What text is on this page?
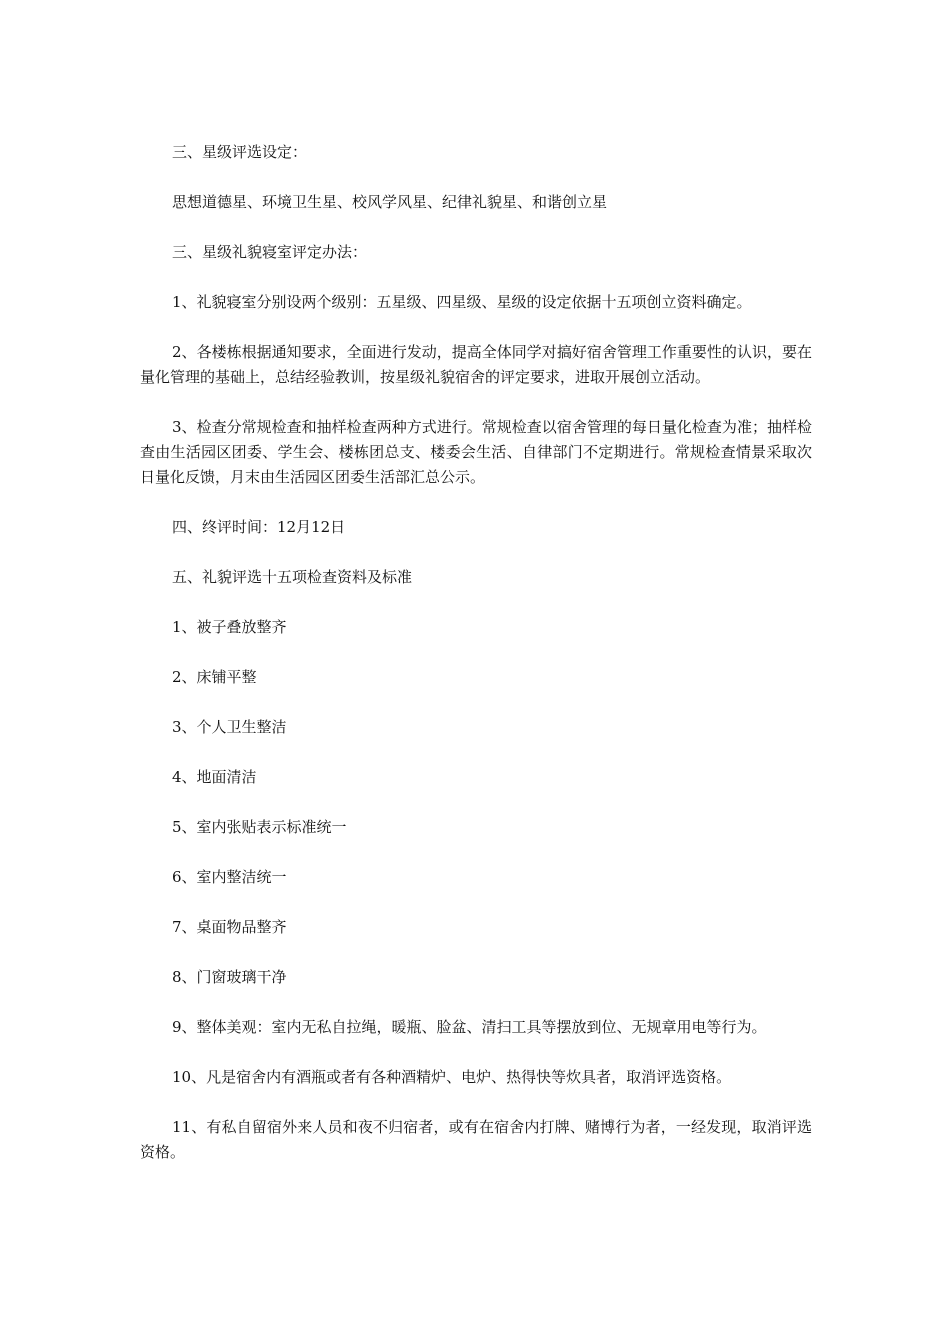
三、星级评选设定：

思想道德星、环境卫生星、校风学风星、纪律礼貌星、和谐创立星

三、星级礼貌寝室评定办法：

1、礼貌寝室分别设两个级别：五星级、四星级、星级的设定依据十五项创立资料确定。

2、各楼栋根据通知要求，全面进行发动，提高全体同学对搞好宿舍管理工作重要性的认识，要在量化管理的基础上，总结经验教训，按星级礼貌宿舍的评定要求，进取开展创立活动。

3、检查分常规检查和抽样检查两种方式进行。常规检查以宿舍管理的每日量化检查为准；抽样检查由生活园区团委、学生会、楼栋团总支、楼委会生活、自律部门不定期进行。常规检查情景采取次日量化反馈，月末由生活园区团委生活部汇总公示。

四、终评时间：12月12日

五、礼貌评选十五项检查资料及标准

1、被子叠放整齐

2、床铺平整

3、个人卫生整洁

4、地面清洁

5、室内张贴表示标准统一

6、室内整洁统一

7、桌面物品整齐

8、门窗玻璃干净

9、整体美观：室内无私自拉绳，暖瓶、脸盆、清扫工具等摆放到位、无规章用电等行为。

10、凡是宿舍内有酒瓶或者有各种酒精炉、电炉、热得快等炊具者，取消评选资格。

11、有私自留宿外来人员和夜不归宿者，或有在宿舍内打牌、赌博行为者，一经发现，取消评选资格。
